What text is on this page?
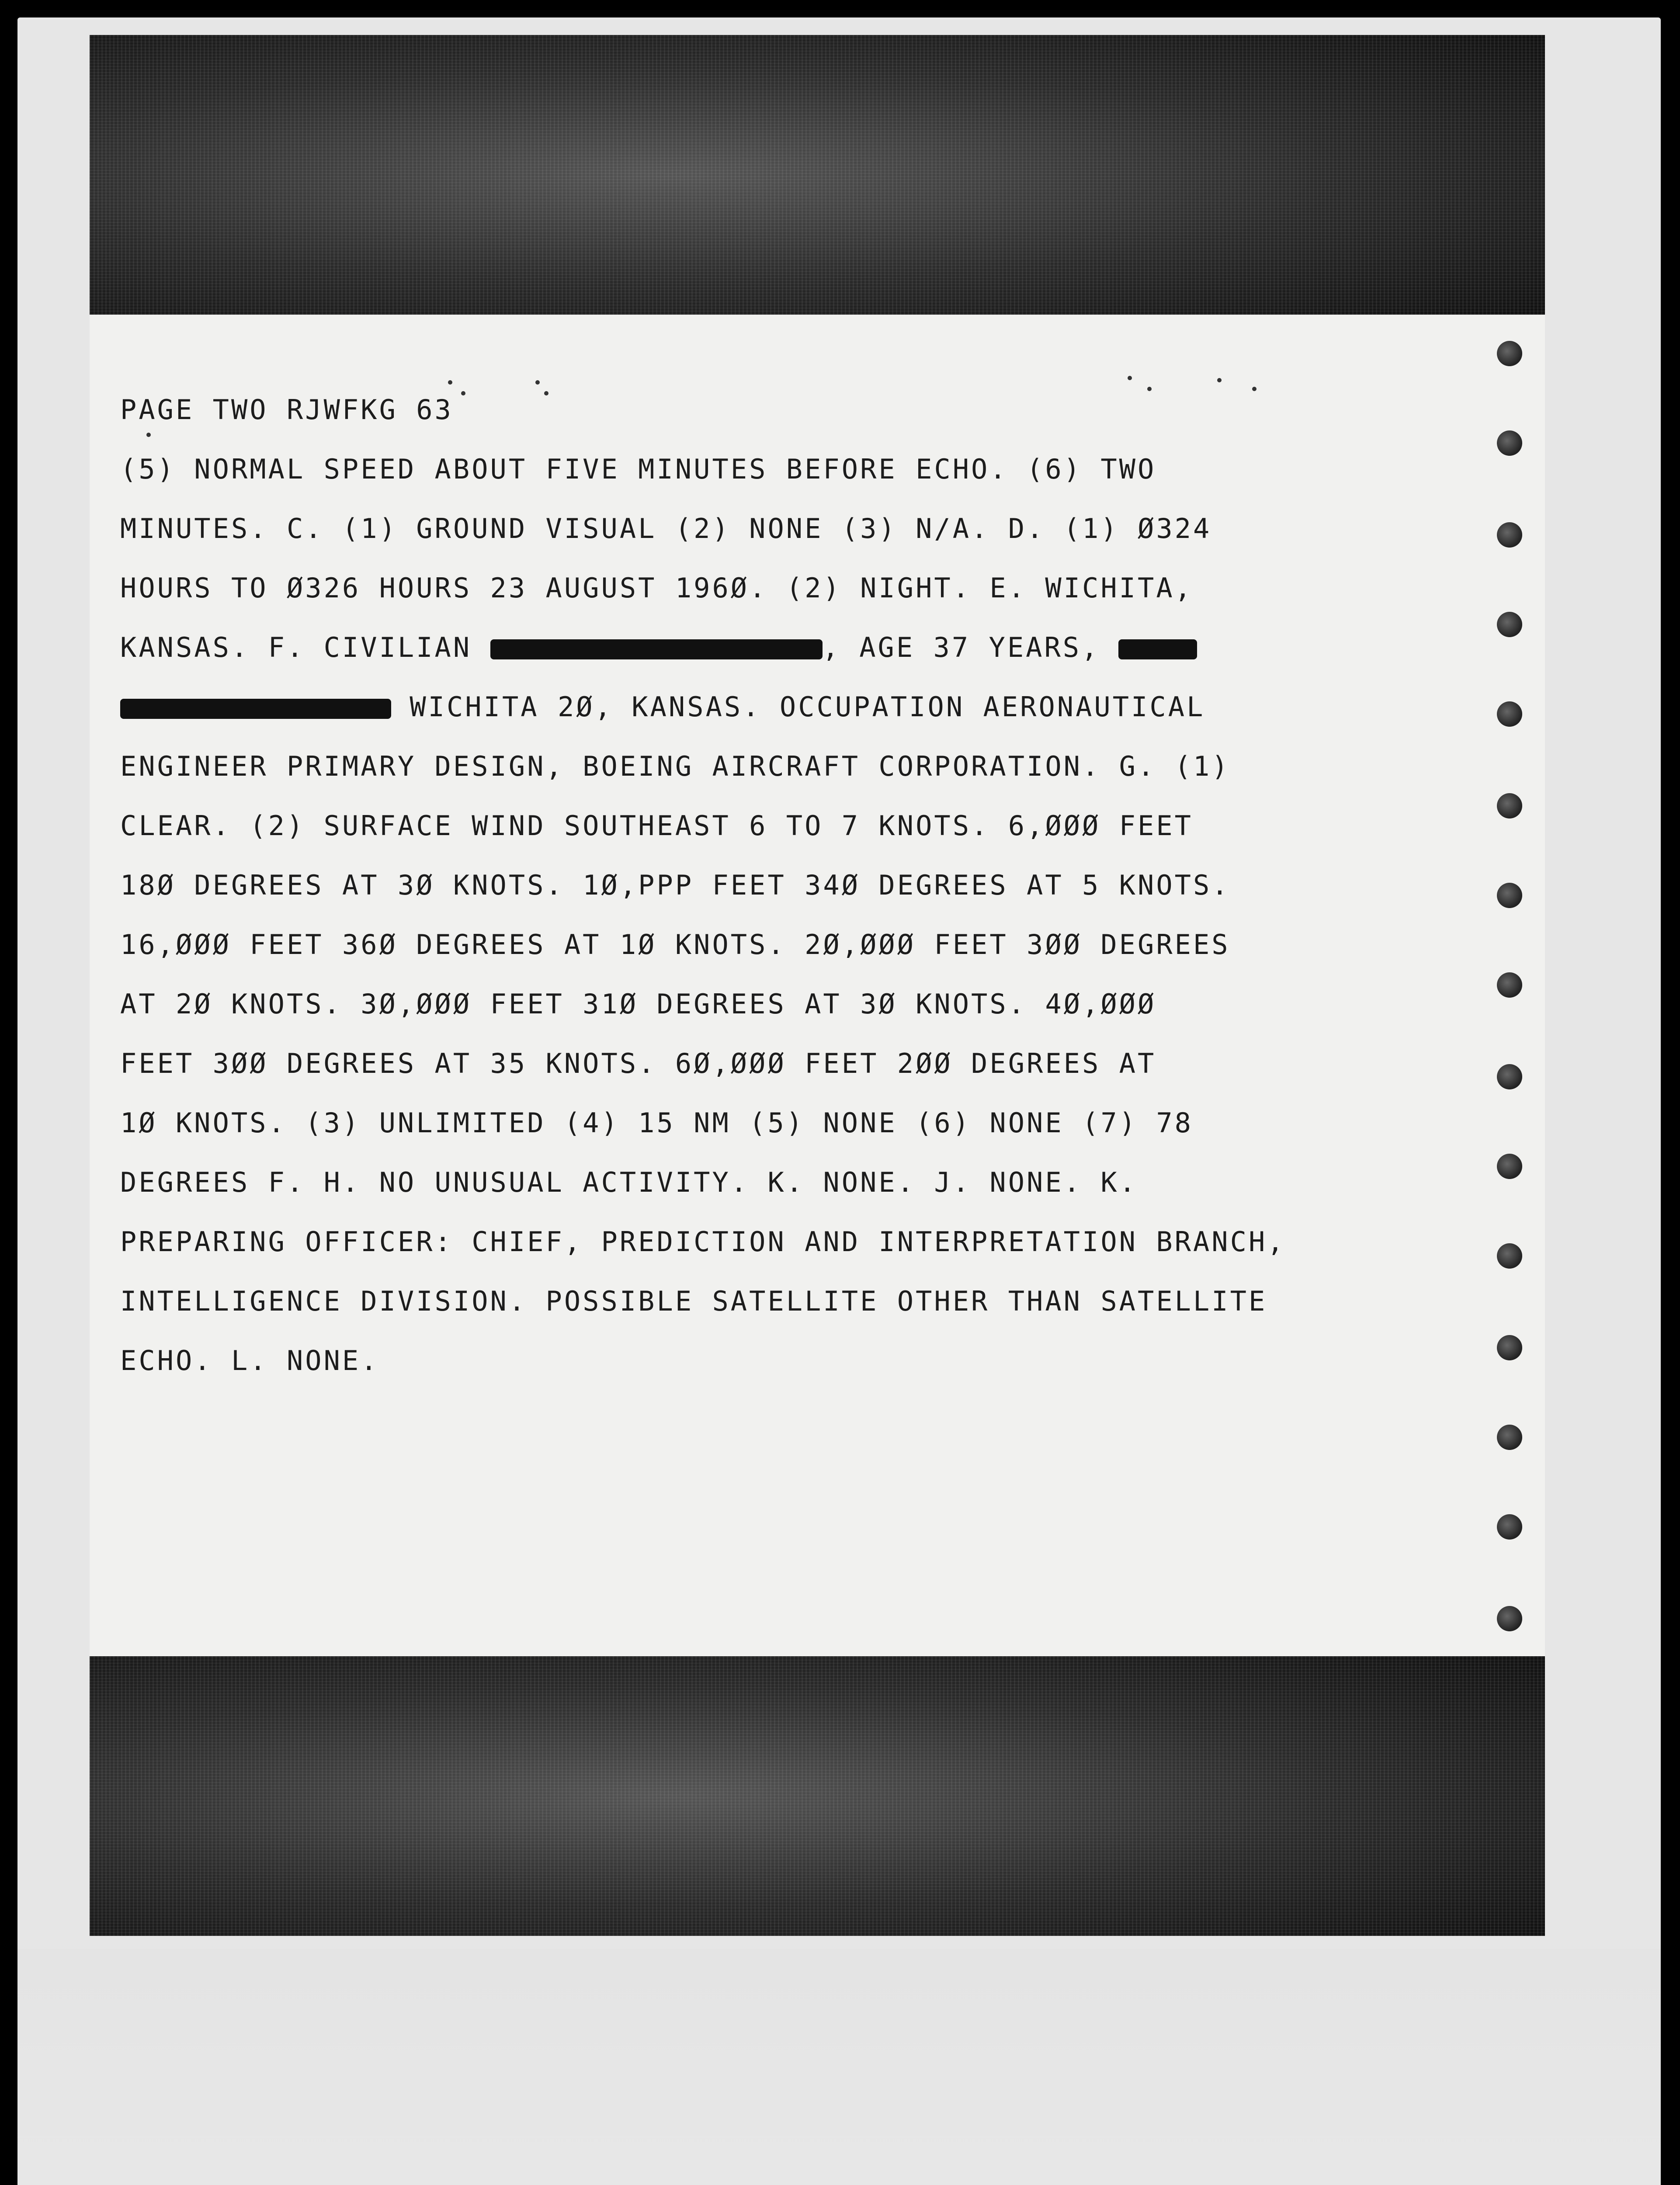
PAGE TWO RJWFKG 63
(5) NORMAL SPEED ABOUT FIVE MINUTES BEFORE ECHO. (6) TWO
MINUTES. C. (1) GROUND VISUAL (2) NONE (3) N/A. D. (1) Ø324
HOURS TO Ø326 HOURS 23 AUGUST 196Ø. (2) NIGHT. E. WICHITA,
KANSAS. F. CIVILIAN	, AGE 37 YEARS,
WICHITA 2Ø, KANSAS. OCCUPATION AERONAUTICAL
ENGINEER PRIMARY DESIGN, BOEING AIRCRAFT CORPORATION. G. (1)
CLEAR. (2) SURFACE WIND SOUTHEAST 6 TO 7 KNOTS. 6,ØØØ FEET
18Ø DEGREES AT 3Ø KNOTS. 1Ø,PPP FEET 34Ø DEGREES AT 5 KNOTS.
16,ØØØ FEET 36Ø DEGREES AT 1Ø KNOTS. 2Ø,ØØØ FEET 3ØØ DEGREES
AT 2Ø KNOTS. 3Ø,ØØØ FEET 31Ø DEGREES AT 3Ø KNOTS. 4Ø,ØØØ
FEET 3ØØ DEGREES AT 35 KNOTS. 6Ø,ØØØ FEET 2ØØ DEGREES AT
1Ø KNOTS. (3) UNLIMITED (4) 15 NM (5) NONE (6) NONE (7) 78
DEGREES F. H. NO UNUSUAL ACTIVITY. K. NONE. J. NONE. K.
PREPARING OFFICER: CHIEF, PREDICTION AND INTERPRETATION BRANCH,
INTELLIGENCE DIVISION. POSSIBLE SATELLITE OTHER THAN SATELLITE
ECHO. L. NONE.
